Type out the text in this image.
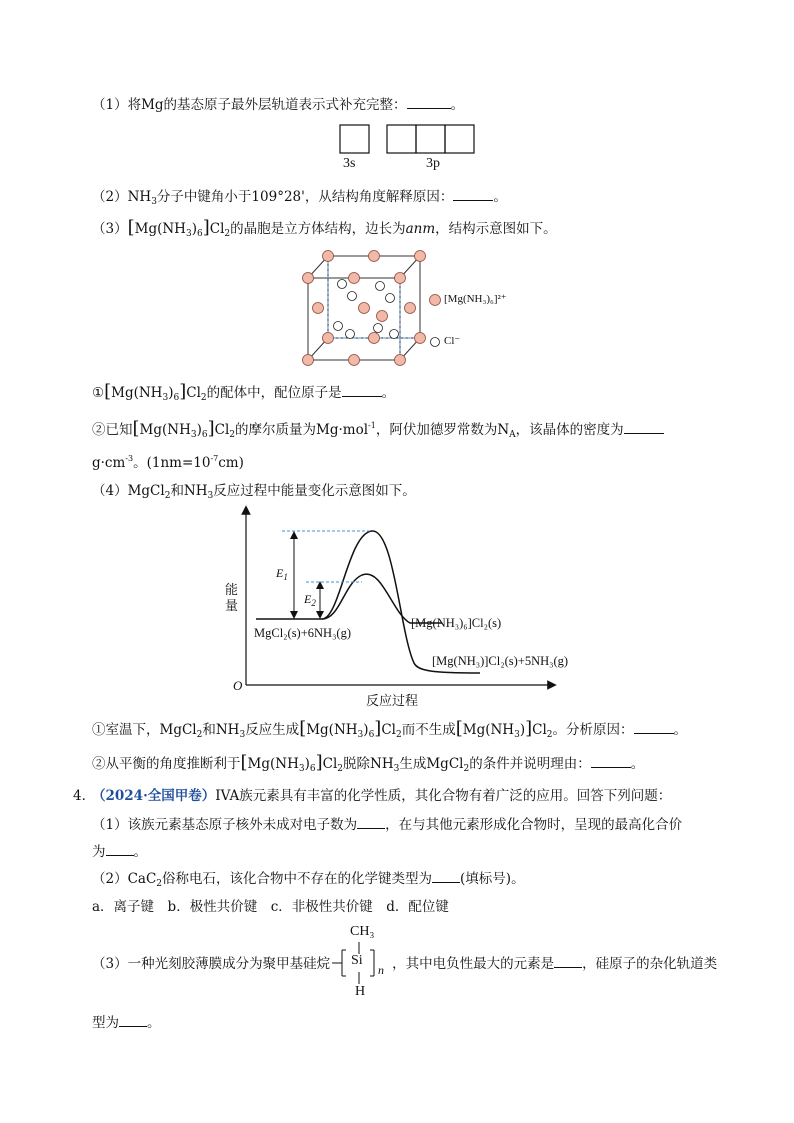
（1）将Mg的基态原子最外层轨道表示式补充完整：	。
3s	3p
$(2)NH_3$分子中键角小于109°28'，从结构角度解释原因：	。
$(3)[Mg(NH_3)_6]Cl_2$的晶胞是立方体结构，边长为anm，结构示意图如下。
[Mg(NH₃)₆]²⁺
Cl⁻
$①[Mg(NH_3)_6]Cl_2$的配体中，配位原子是	。
②已知$[Mg(NH_3)_6]Cl_2$的摩尔质量为Mg·mol$^{-1}$，阿伏加德罗常数为$N_A$，该晶体的密度为
$g\cdot cm^{-3}$。$(1nm=10^{-7}cm)$
（4）MgCl$_2$和$NH_3$反应过程中能量变化示意图如下。
能量
O
反应过程
$E_1$
$E_2$
MgCl₂(s)+6NH₃(g)
[Mg(NH₃)₆]Cl₂(s)
[Mg(NH₃)]Cl₂(s)+5NH₃(g)
①室温下，MgCl$_2$和$NH_3$反应生成$[Mg(NH_3)_6]Cl_2$而不生成$[Mg(NH_3)]Cl_2$。分析原因：	。
②从平衡的角度推断利于$[Mg(NH_3)_6]Cl_2$脱除$NH_3$生成MgCl$_2$的条件并说明理由：	。
4．
（2024·全国甲卷）IVA族元素具有丰富的化学性质，其化合物有着广泛的应用。回答下列问题：
（1）该族元素基态原子核外未成对电子数为 ，在与其他元素形成化合物时，呈现的最高化合价
为 。
（2）CaC$_2$俗称电石，该化合物中不存在的化学键类型为 (填标号)。
a．离子键　b．极性共价键　c．非极性共价键　d．配位键
CH₃
H
（3）一种光刻胶薄膜成分为聚甲基硅烷	，其中电负性最大的元素是 ，硅原子的杂化轨道类
Si
n
型为 。
